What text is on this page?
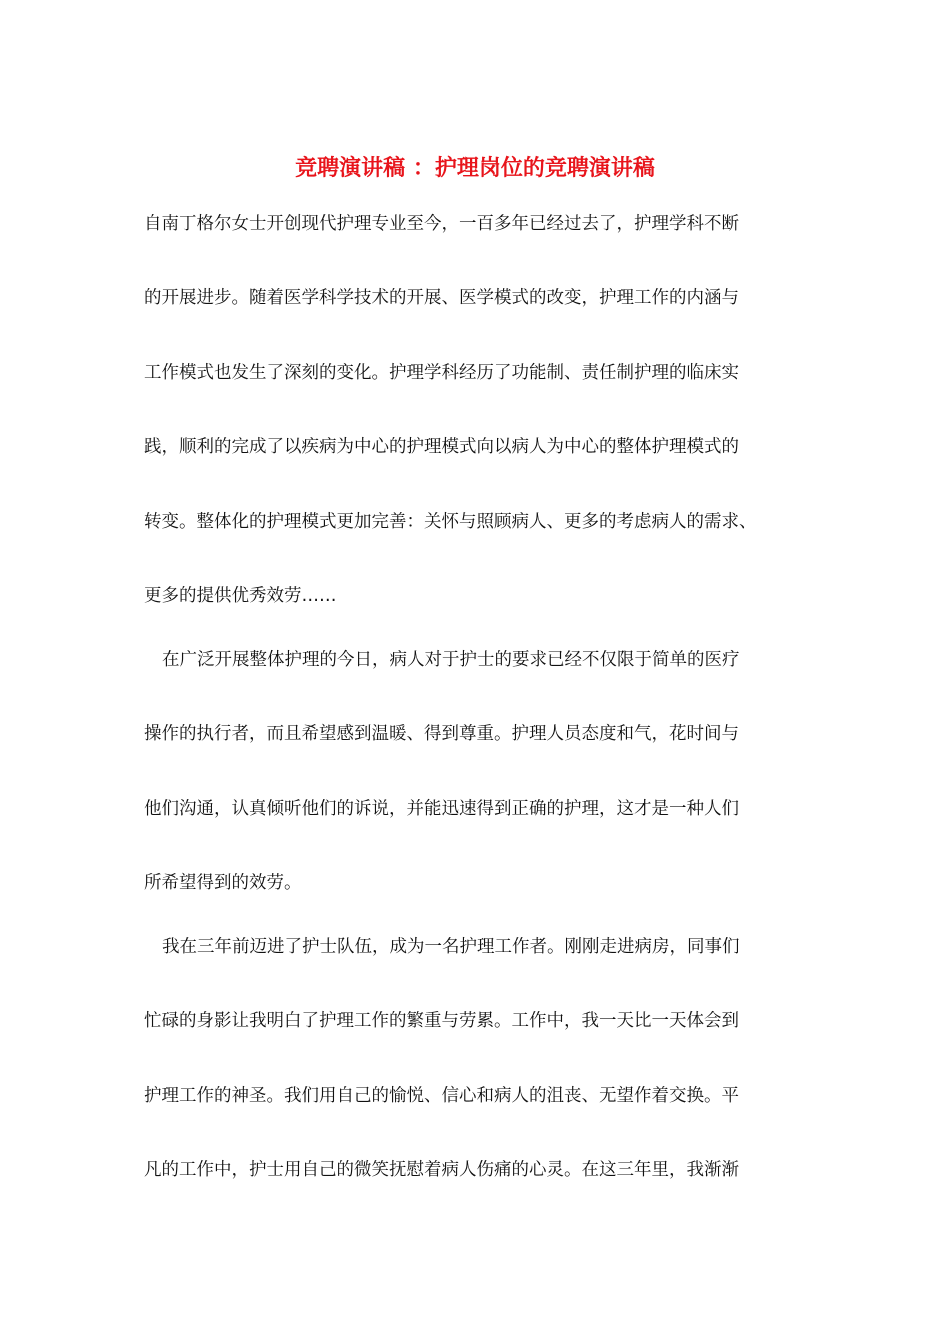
竞聘演讲稿 ：护理岗位的竞聘演讲稿
自南丁格尔女士开创现代护理专业至今，一百多年已经过去了，护理学科不断
的开展进步。随着医学科学技术的开展、医学模式的改变，护理工作的内涵与
工作模式也发生了深刻的变化。护理学科经历了功能制、责任制护理的临床实
践，顺利的完成了以疾病为中心的护理模式向以病人为中心的整体护理模式的
转变。整体化的护理模式更加完善：关怀与照顾病人、更多的考虑病人的需求、
更多的提供优秀效劳……
在广泛开展整体护理的今日，病人对于护士的要求已经不仅限于简单的医疗
操作的执行者，而且希望感到温暖、得到尊重。护理人员态度和气，花时间与
他们沟通，认真倾听他们的诉说，并能迅速得到正确的护理，这才是一种人们
所希望得到的效劳。
我在三年前迈进了护士队伍，成为一名护理工作者。刚刚走进病房，同事们
忙碌的身影让我明白了护理工作的繁重与劳累。工作中，我一天比一天体会到
护理工作的神圣。我们用自己的愉悦、信心和病人的沮丧、无望作着交换。平
凡的工作中，护士用自己的微笑抚慰着病人伤痛的心灵。在这三年里，我渐渐
